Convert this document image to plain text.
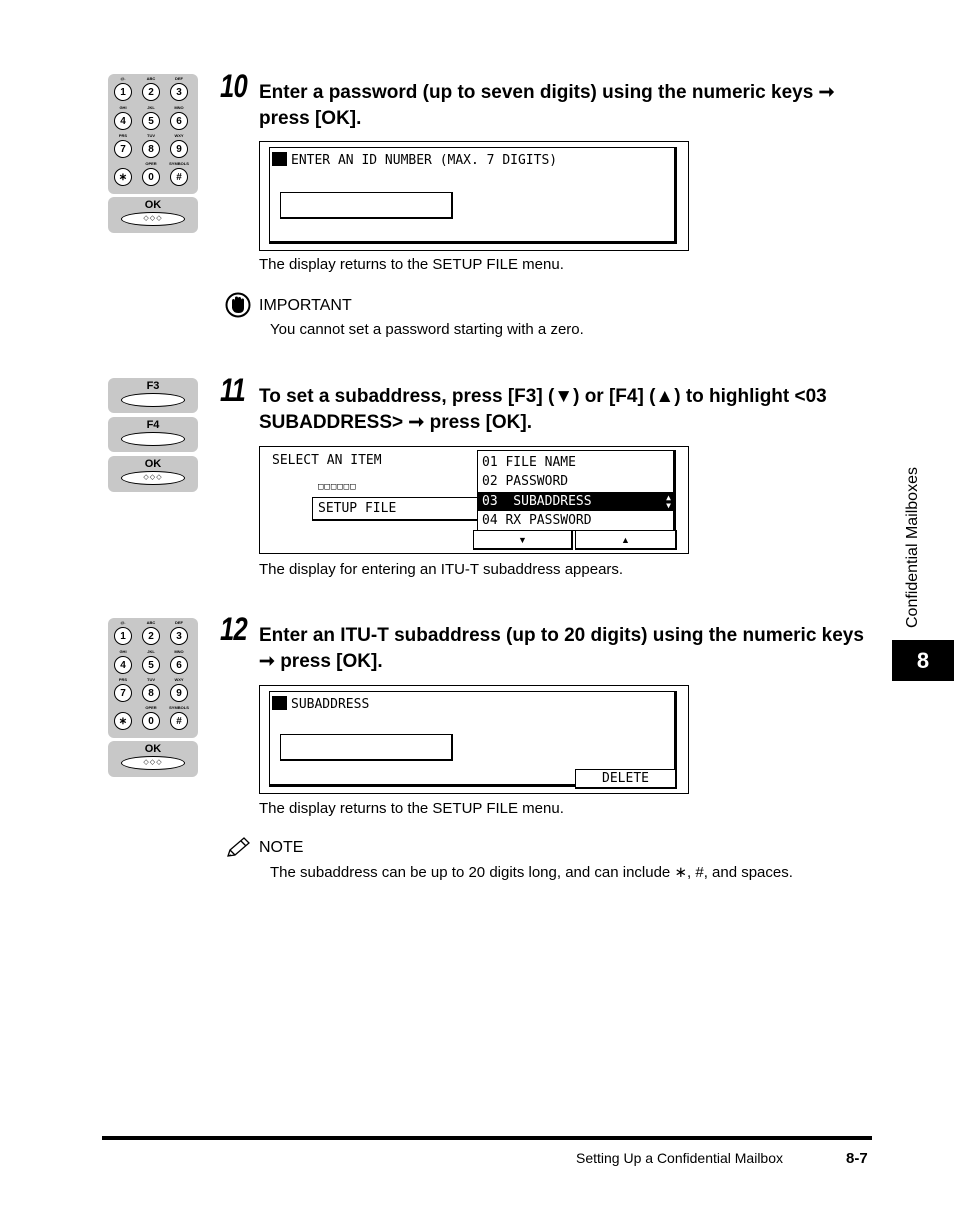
@.
1
ABC
2
DEF
3
GHI
4
JKL
5
MNO
6
PRS
7
TUV
8
WXY
9
∗
OPER
0
SYMBOLS
#
OK
◇◇◇
10 Enter a password (up to seven digits) using the numeric keys ➞ press [OK].
ENTER AN ID NUMBER (MAX. 7 DIGITS)
The display returns to the SETUP FILE menu.
IMPORTANT
You cannot set a password starting with a zero.
F3
F4
OK
◇◇◇
11 To set a subaddress, press [F3] (▼) or [F4] (▲) to highlight <03 SUBADDRESS> ➞ press [OK].
SELECT AN ITEM
□□□□□□
SETUP FILE
01 FILE NAME
02 PASSWORD
03  SUBADDRESS	▲
▼
04 RX PASSWORD
▼	▲
The display for entering an ITU-T subaddress appears.
@.
1
ABC
2
DEF
3
GHI
4
JKL
5
MNO
6
PRS
7
TUV
8
WXY
9
∗
OPER
0
SYMBOLS
#
OK
◇◇◇
12 Enter an ITU-T subaddress (up to 20 digits) using the numeric keys ➞ press [OK].
SUBADDRESS
DELETE
The display returns to the SETUP FILE menu.
NOTE
The subaddress can be up to 20 digits long, and can include ∗, #, and spaces.
Confidential Mailboxes
8
Setting Up a Confidential Mailbox	8-7
